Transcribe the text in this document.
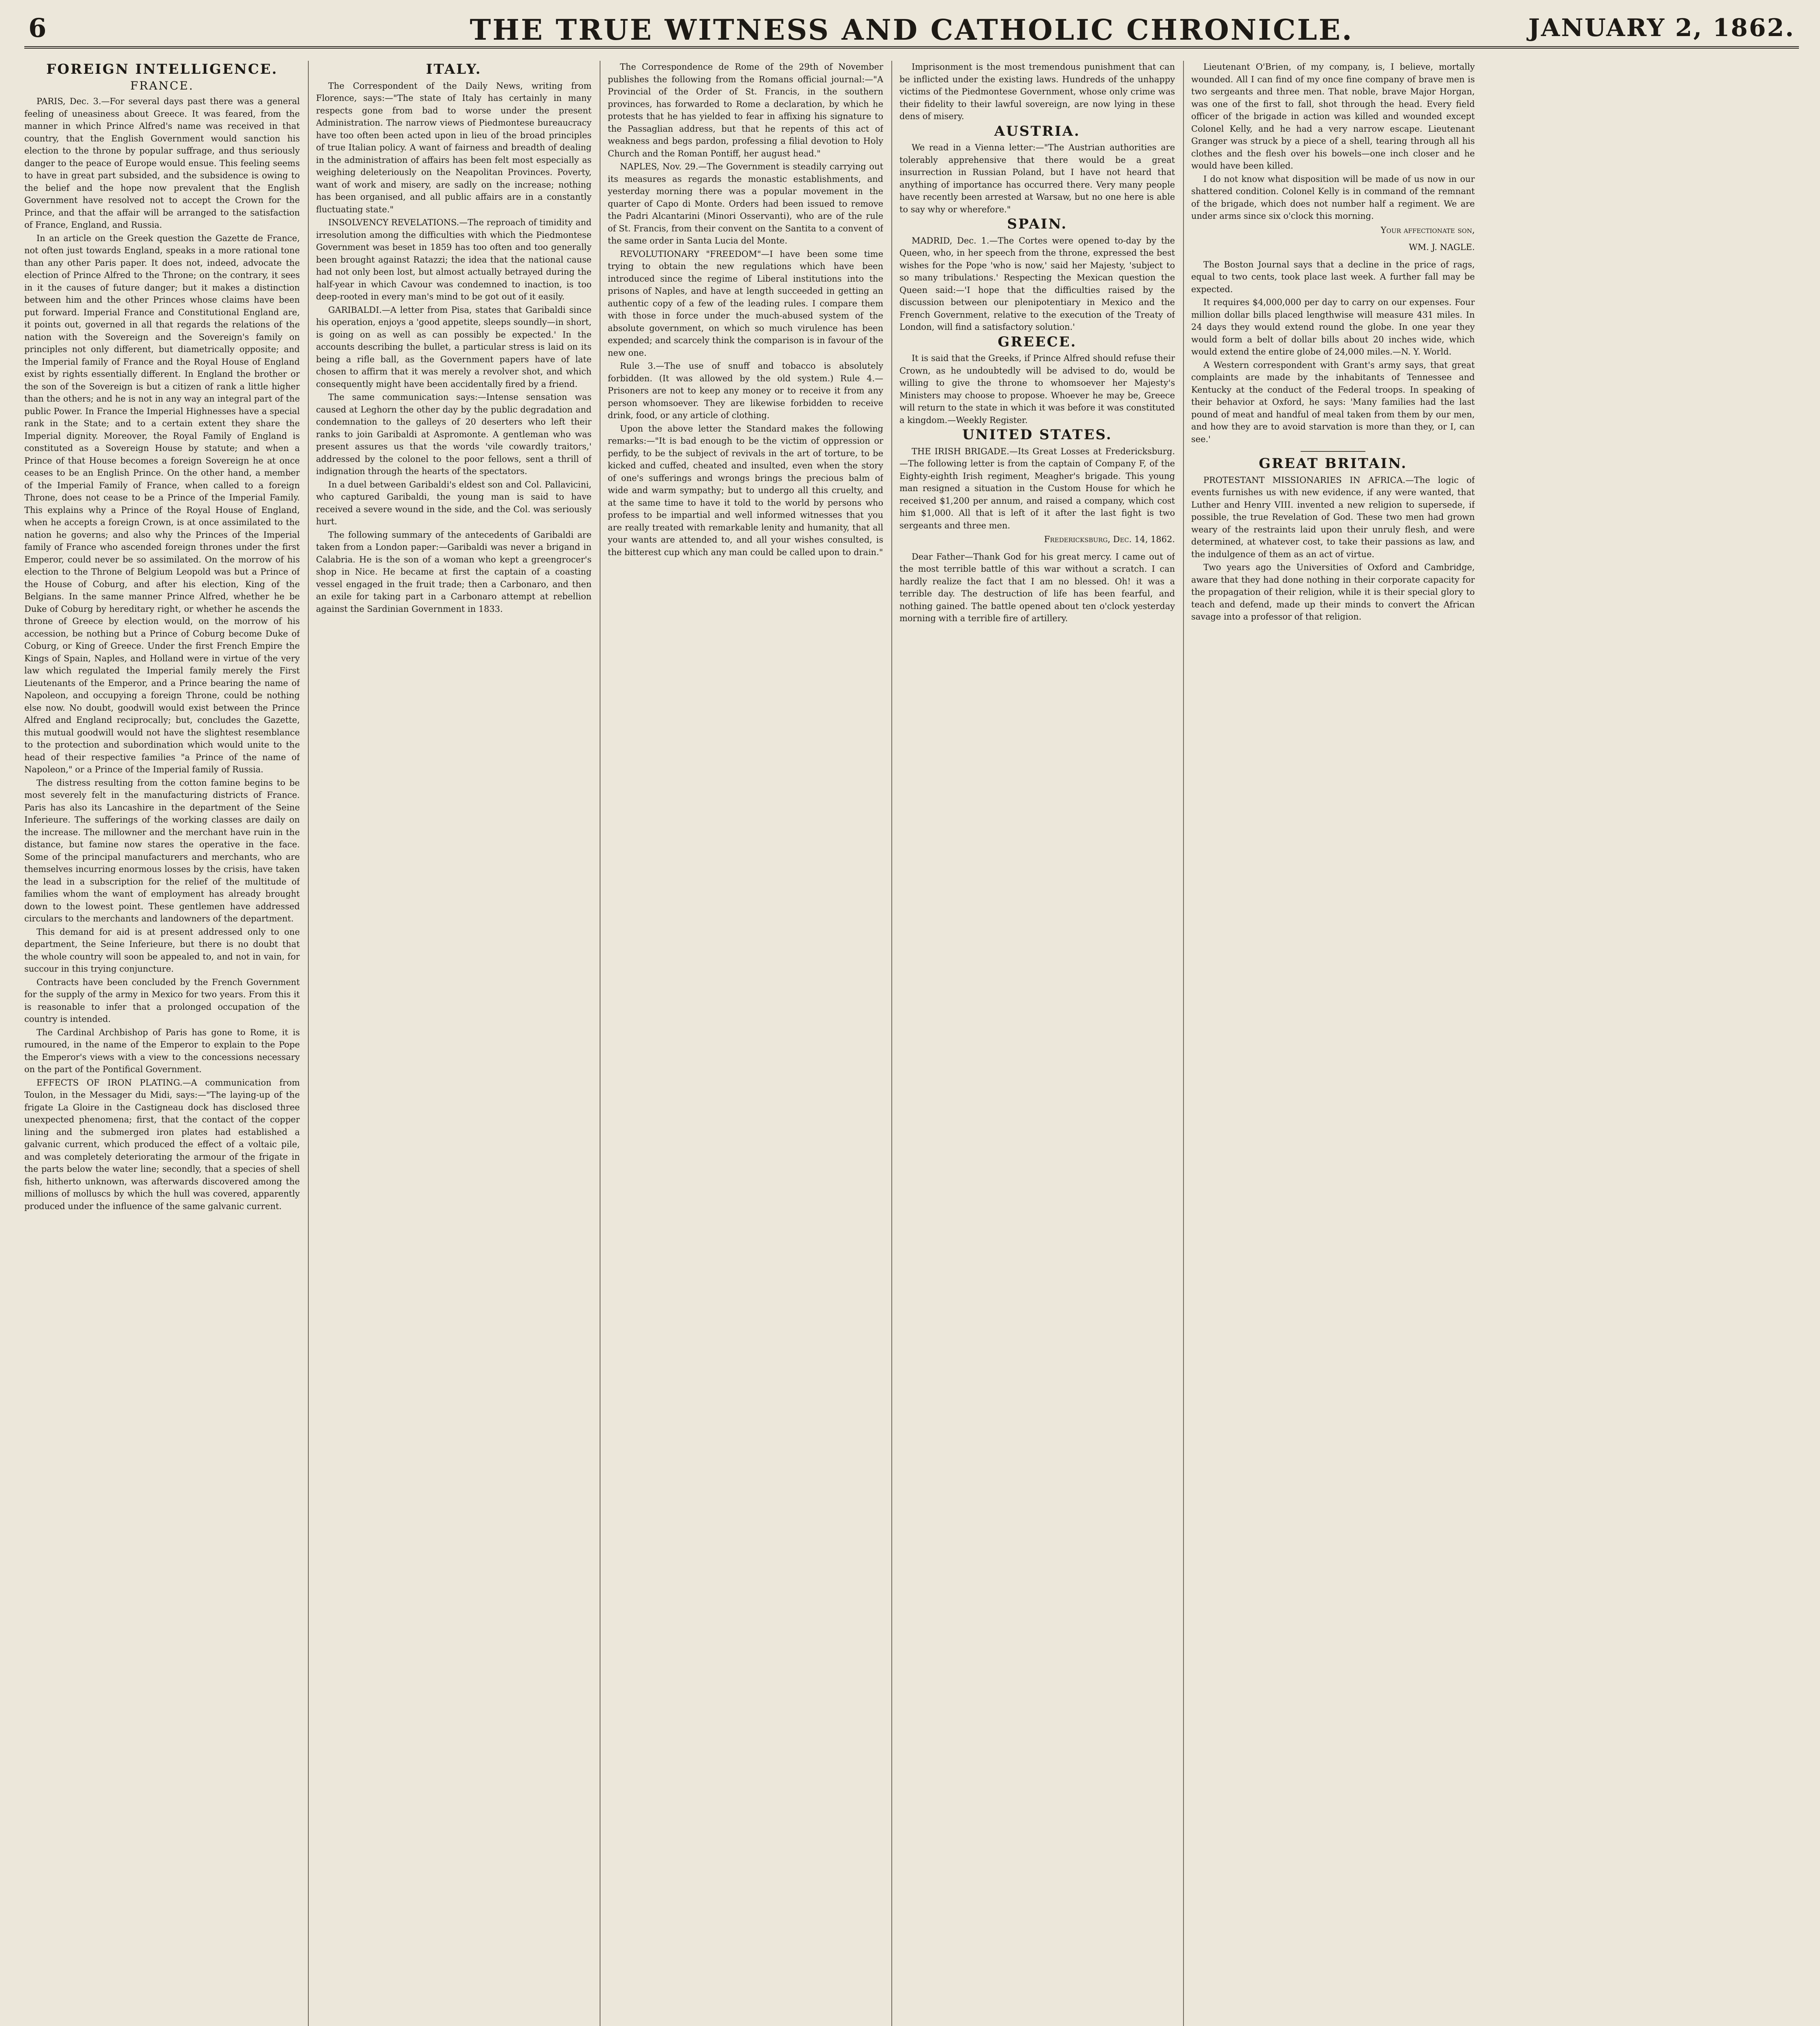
6	THE TRUE WITNESS AND CATHOLIC CHRONICLE.	JANUARY 2, 1862.
FOREIGN INTELLIGENCE.
FRANCE.

PARIS, Dec. 3.—For several days past there was a general feeling of uneasiness about Greece. It was feared, from the manner in which Prince Alfred's name was received in that country, that the English Government would sanction his election to the throne by popular suffrage, and thus seriously danger to the peace of Europe would ensue. This feeling seems to have in great part subsided, and the subsidence is owing to the belief and the hope now prevalent that the English Government have resolved not to accept the Crown for the Prince, and that the affair will be arranged to the satisfaction of France, England, and Russia.

In an article on the Greek question the Gazette de France, not often just towards England, speaks in a more rational tone than any other Paris paper. It does not, indeed, advocate the election of Prince Alfred to the Throne; on the contrary, it sees in it the causes of future danger; but it makes a distinction between him and the other Princes whose claims have been put forward. Imperial France and Constitutional England are, it points out, governed in all that regards the relations of the nation with the Sovereign and the Sovereign's family on principles not only different, but diametrically opposite; and the Imperial family of France and the Royal House of England exist by rights essentially different. In England the brother or the son of the Sovereign is but a citizen of rank a little higher than the others; and he is not in any way an integral part of the public Power. In France the Imperial Highnesses have a special rank in the State; and to a certain extent they share the Imperial dignity. Moreover, the Royal Family of England is constituted as a Sovereign House by statute; and when a Prince of that House becomes a foreign Sovereign he at once ceases to be an English Prince. On the other hand, a member of the Imperial Family of France, when called to a foreign Throne, does not cease to be a Prince of the Imperial Family. This explains why a Prince of the Royal House of England, when he accepts a foreign Crown, is at once assimilated to the nation he governs; and also why the Princes of the Imperial family of France who ascended foreign thrones under the first Emperor, could never be so assimilated. On the morrow of his election to the Throne of Belgium Leopold was but a Prince of the House of Coburg, and after his election, King of the Belgians. In the same manner Prince Alfred, whether he be Duke of Coburg by hereditary right, or whether he ascends the throne of Greece by election would, on the morrow of his accession, be nothing but a Prince of Coburg become Duke of Coburg, or King of Greece. Under the first French Empire the Kings of Spain, Naples, and Holland were in virtue of the very law which regulated the Imperial family merely the First Lieutenants of the Emperor, and a Prince bearing the name of Napoleon, and occupying a foreign Throne, could be nothing else now. No doubt, goodwill would exist between the Prince Alfred and England reciprocally; but, concludes the Gazette, this mutual goodwill would not have the slightest resemblance to the protection and subordination which would unite to the head of their respective families "a Prince of the name of Napoleon," or a Prince of the Imperial family of Russia.

The distress resulting from the cotton famine begins to be most severely felt in the manufacturing districts of France. Paris has also its Lancashire in the department of the Seine Inferieure. The sufferings of the working classes are daily on the increase. The millowner and the merchant have ruin in the distance, but famine now stares the operative in the face. Some of the principal manufacturers and merchants, who are themselves incurring enormous losses by the crisis, have taken the lead in a subscription for the relief of the multitude of families whom the want of employment has already brought down to the lowest point. These gentlemen have addressed circulars to the merchants and landowners of the department.

This demand for aid is at present addressed only to one department, the Seine Inferieure, but there is no doubt that the whole country will soon be appealed to, and not in vain, for succour in this trying conjuncture.

Contracts have been concluded by the French Government for the supply of the army in Mexico for two years. From this it is reasonable to infer that a prolonged occupation of the country is intended.

The Cardinal Archbishop of Paris has gone to Rome, it is rumoured, in the name of the Emperor to explain to the Pope the Emperor's views with a view to the concessions necessary on the part of the Pontifical Government.

EFFECTS OF IRON PLATING.—A communication from Toulon, in the Messager du Midi, says:—"The laying-up of the frigate La Gloire in the Castigneau dock has disclosed three unexpected phenomena; first, that the contact of the copper lining and the submerged iron plates had established a galvanic current, which produced the effect of a voltaic pile, and was completely deteriorating the armour of the frigate in the parts below the water line; secondly, that a species of shell fish, hitherto unknown, was afterwards discovered among the millions of molluscs by which the hull was covered, apparently produced under the influence of the same galvanic current.

ITALY.

The Correspondent of the Daily News, writing from Florence, says:—"The state of Italy has certainly in many respects gone from bad to worse under the present Administration. The narrow views of Piedmontese bureaucracy have too often been acted upon in lieu of the broad principles of true Italian policy. A want of fairness and breadth of dealing in the administration of affairs has been felt most especially as weighing deleteriously on the Neapolitan Provinces. Poverty, want of work and misery, are sadly on the increase; nothing has been organised, and all public affairs are in a constantly fluctuating state."

INSOLVENCY REVELATIONS.—The reproach of timidity and irresolution among the difficulties with which the Piedmontese Government was beset in 1859 has too often and too generally been brought against Ratazzi; the idea that the national cause had not only been lost, but almost actually betrayed during the half-year in which Cavour was condemned to inaction, is too deep-rooted in every man's mind to be got out of it easily.

GARIBALDI.—A letter from Pisa, states that Garibaldi since his operation, enjoys a 'good appetite, sleeps soundly—in short, is going on as well as can possibly be expected.' In the accounts describing the bullet, a particular stress is laid on its being a rifle ball, as the Government papers have of late chosen to affirm that it was merely a revolver shot, and which consequently might have been accidentally fired by a friend.

The same communication says:—Intense sensation was caused at Leghorn the other day by the public degradation and condemnation to the galleys of 20 deserters who left their ranks to join Garibaldi at Aspromonte. A gentleman who was present assures us that the words 'vile cowardly traitors,' addressed by the colonel to the poor fellows, sent a thrill of indignation through the hearts of the spectators.

In a duel between Garibaldi's eldest son and Col. Pallavicini, who captured Garibaldi, the young man is said to have received a severe wound in the side, and the Col. was seriously hurt.

The following summary of the antecedents of Garibaldi are taken from a London paper:—Garibaldi was never a brigand in Calabria. He is the son of a woman who kept a greengrocer's shop in Nice. He became at first the captain of a coasting vessel engaged in the fruit trade; then a Carbonaro, and then an exile for taking part in a Carbonaro attempt at rebellion against the Sardinian Government in 1833.

The Correspondence de Rome of the 29th of November publishes the following from the Romans official journal:—"A Provincial of the Order of St. Francis, in the southern provinces, has forwarded to Rome a declaration, by which he protests that he has yielded to fear in affixing his signature to the Passaglian address, but that he repents of this act of weakness and begs pardon, professing a filial devotion to Holy Church and the Roman Pontiff, her august head."

NAPLES, Nov. 29.—The Government is steadily carrying out its measures as regards the monastic establishments, and yesterday morning there was a popular movement in the quarter of Capo di Monte. Orders had been issued to remove the Padri Alcantarini (Minori Osservanti), who are of the rule of St. Francis, from their convent on the Santita to a convent of the same order in Santa Lucia del Monte.

REVOLUTIONARY "FREEDOM"—I have been some time trying to obtain the new regulations which have been introduced since the regime of Liberal institutions into the prisons of Naples, and have at length succeeded in getting an authentic copy of a few of the leading rules. I compare them with those in force under the much-abused system of the absolute government, on which so much virulence has been expended; and scarcely think the comparison is in favour of the new one.

Rule 3.—The use of snuff and tobacco is absolutely forbidden. (It was allowed by the old system.) Rule 4.—Prisoners are not to keep any money or to receive it from any person whomsoever. They are likewise forbidden to receive drink, food, or any article of clothing.

Upon the above letter the Standard makes the following remarks:—"It is bad enough to be the victim of oppression or perfidy, to be the subject of revivals in the art of torture, to be kicked and cuffed, cheated and insulted, even when the story of one's sufferings and wrongs brings the precious balm of wide and warm sympathy; but to undergo all this cruelty, and at the same time to have it told to the world by persons who profess to be impartial and well informed witnesses that you are really treated with remarkable lenity and humanity, that all your wants are attended to, and all your wishes consulted, is the bitterest cup which any man could be called upon to drain."

Imprisonment is the most tremendous punishment that can be inflicted under the existing laws. Hundreds of the unhappy victims of the Piedmontese Government, whose only crime was their fidelity to their lawful sovereign, are now lying in these dens of misery.

AUSTRIA.

We read in a Vienna letter:—"The Austrian authorities are tolerably apprehensive that there would be a great insurrection in Russian Poland, but I have not heard that anything of importance has occurred there. Very many people have recently been arrested at Warsaw, but no one here is able to say why or wherefore."

SPAIN.

MADRID, Dec. 1.—The Cortes were opened to-day by the Queen, who, in her speech from the throne, expressed the best wishes for the Pope 'who is now,' said her Majesty, 'subject to so many tribulations.' Respecting the Mexican question the Queen said:—'I hope that the difficulties raised by the discussion between our plenipotentiary in Mexico and the French Government, relative to the execution of the Treaty of London, will find a satisfactory solution.'

GREECE.

It is said that the Greeks, if Prince Alfred should refuse their Crown, as he undoubtedly will be advised to do, would be willing to give the throne to whomsoever her Majesty's Ministers may choose to propose. Whoever he may be, Greece will return to the state in which it was before it was constituted a kingdom.—Weekly Register.

UNITED STATES.

THE IRISH BRIGADE.—Its Great Losses at Fredericksburg.—The following letter is from the captain of Company F, of the Eighty-eighth Irish regiment, Meagher's brigade. This young man resigned a situation in the Custom House for which he received $1,200 per annum, and raised a company, which cost him $1,000. All that is left of it after the last fight is two sergeants and three men.

Fredericksburg, Dec. 14, 1862.

Dear Father—Thank God for his great mercy. I came out of the most terrible battle of this war without a scratch. I can hardly realize the fact that I am no blessed. Oh! it was a terrible day. The destruction of life has been fearful, and nothing gained. The battle opened about ten o'clock yesterday morning with a terrible fire of artillery.

Lieutenant O'Brien, of my company, is, I believe, mortally wounded. All I can find of my once fine company of brave men is two sergeants and three men. That noble, brave Major Horgan, was one of the first to fall, shot through the head. Every field officer of the brigade in action was killed and wounded except Colonel Kelly, and he had a very narrow escape. Lieutenant Granger was struck by a piece of a shell, tearing through all his clothes and the flesh over his bowels—one inch closer and he would have been killed.

I do not know what disposition will be made of us now in our shattered condition. Colonel Kelly is in command of the remnant of the brigade, which does not number half a regiment. We are under arms since six o'clock this morning.

Your affectionate son,
WM. J. NAGLE.

The Boston Journal says that a decline in the price of rags, equal to two cents, took place last week. A further fall may be expected.

It requires $4,000,000 per day to carry on our expenses. Four million dollar bills placed lengthwise will measure 431 miles. In 24 days they would extend round the globe. In one year they would form a belt of dollar bills about 20 inches wide, which would extend the entire globe of 24,000 miles.—N. Y. World.

A Western correspondent with Grant's army says, that great complaints are made by the inhabitants of Tennessee and Kentucky at the conduct of the Federal troops. In speaking of their behavior at Oxford, he says: 'Many families had the last pound of meat and handful of meal taken from them by our men, and how they are to avoid starvation is more than they, or I, can see.'

GREAT BRITAIN.

PROTESTANT MISSIONARIES IN AFRICA.—The logic of events furnishes us with new evidence, if any were wanted, that Luther and Henry VIII. invented a new religion to supersede, if possible, the true Revelation of God. These two men had grown weary of the restraints laid upon their unruly flesh, and were determined, at whatever cost, to take their passions as law, and the indulgence of them as an act of virtue.

Two years ago the Universities of Oxford and Cambridge, aware that they had done nothing in their corporate capacity for the propagation of their religion, while it is their special glory to teach and defend, made up their minds to convert the African savage into a professor of that religion.
